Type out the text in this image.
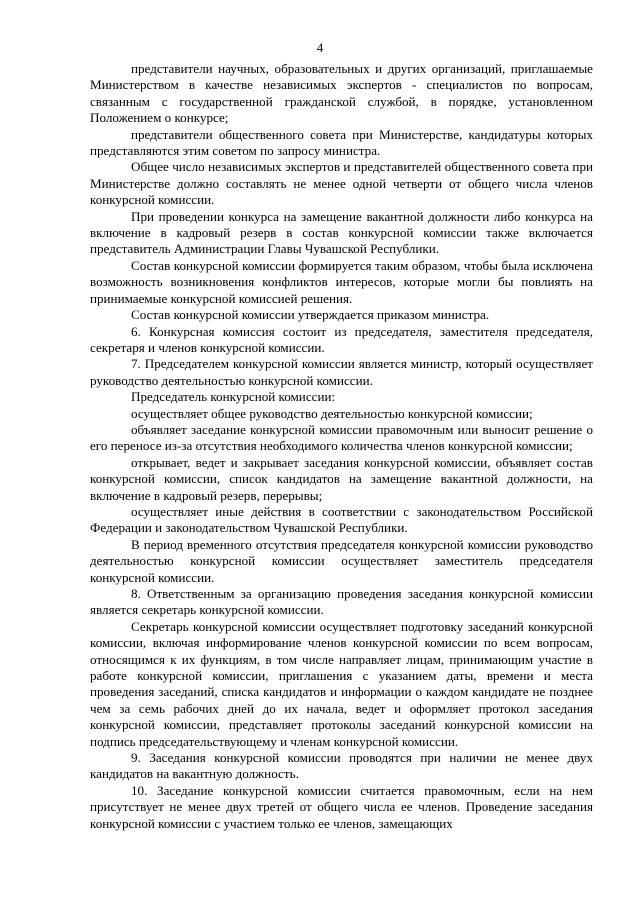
4

представители научных, образовательных и других организаций, приглашаемые Министерством в качестве независимых экспертов - специалистов по вопросам, связанным с государственной гражданской службой, в порядке, установленном Положением о конкурсе;

представители общественного совета при Министерстве, кандидатуры которых представляются этим советом по запросу министра.

Общее число независимых экспертов и представителей общественного совета при Министерстве должно составлять не менее одной четверти от общего числа членов конкурсной комиссии.

При проведении конкурса на замещение вакантной должности либо конкурса на включение в кадровый резерв в состав конкурсной комиссии также включается представитель Администрации Главы Чувашской Республики.

Состав конкурсной комиссии формируется таким образом, чтобы была исключена возможность возникновения конфликтов интересов, которые могли бы повлиять на принимаемые конкурсной комиссией решения.

Состав конкурсной комиссии утверждается приказом министра.

6. Конкурсная комиссия состоит из председателя, заместителя председателя, секретаря и членов конкурсной комиссии.

7. Председателем конкурсной комиссии является министр, который осуществляет руководство деятельностью конкурсной комиссии.

Председатель конкурсной комиссии:

осуществляет общее руководство деятельностью конкурсной комиссии;

объявляет заседание конкурсной комиссии правомочным или выносит решение о его переносе из-за отсутствия необходимого количества членов конкурсной комиссии;

открывает, ведет и закрывает заседания конкурсной комиссии, объявляет состав конкурсной комиссии, список кандидатов на замещение вакантной должности, на включение в кадровый резерв, перерывы;

осуществляет иные действия в соответствии с законодательством Российской Федерации и законодательством Чувашской Республики.

В период временного отсутствия председателя конкурсной комиссии руководство деятельностью конкурсной комиссии осуществляет заместитель председателя конкурсной комиссии.

8. Ответственным за организацию проведения заседания конкурсной комиссии является секретарь конкурсной комиссии.

Секретарь конкурсной комиссии осуществляет подготовку заседаний конкурсной комиссии, включая информирование членов конкурсной комиссии по всем вопросам, относящимся к их функциям, в том числе направляет лицам, принимающим участие в работе конкурсной комиссии, приглашения с указанием даты, времени и места проведения заседаний, списка кандидатов и информации о каждом кандидате не позднее чем за семь рабочих дней до их начала, ведет и оформляет протокол заседания конкурсной комиссии, представляет протоколы заседаний конкурсной комиссии на подпись председательствующему и членам конкурсной комиссии.

9. Заседания конкурсной комиссии проводятся при наличии не менее двух кандидатов на вакантную должность.

10. Заседание конкурсной комиссии считается правомочным, если на нем присутствует не менее двух третей от общего числа ее членов. Проведение заседания конкурсной комиссии с участием только ее членов, замещающих
